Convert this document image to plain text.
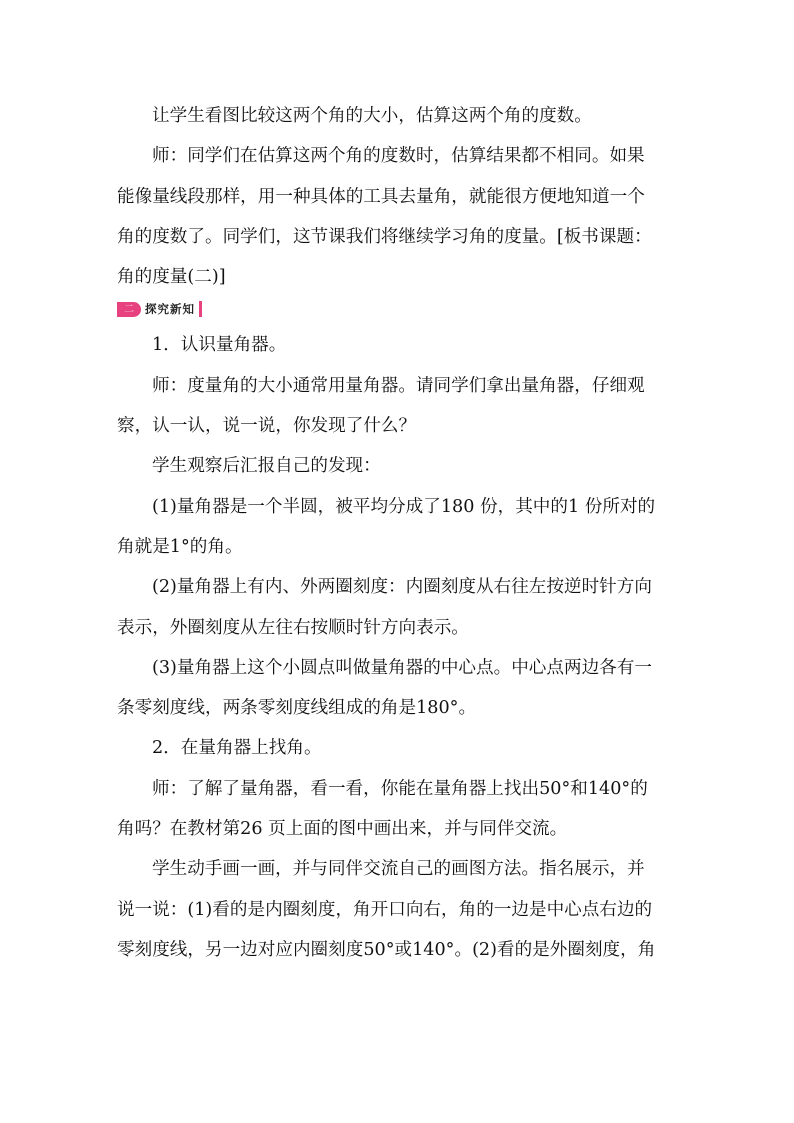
让学生看图比较这两个角的大小，估算这两个角的度数。

师：同学们在估算这两个角的度数时，估算结果都不相同。如果
能像量线段那样，用一种具体的工具去量角，就能很方便地知道一个
角的度数了。同学们，这节课我们将继续学习角的度量。[板书课题：
角的度量(二)]

二 探究新知

1．认识量角器。

师：度量角的大小通常用量角器。请同学们拿出量角器，仔细观
察，认一认，说一说，你发现了什么？

学生观察后汇报自己的发现：

(1)量角器是一个半圆，被平均分成了180 份，其中的1 份所对的
角就是1°的角。

(2)量角器上有内、外两圈刻度：内圈刻度从右往左按逆时针方向
表示，外圈刻度从左往右按顺时针方向表示。

(3)量角器上这个小圆点叫做量角器的中心点。中心点两边各有一
条零刻度线，两条零刻度线组成的角是180°。

2．在量角器上找角。

师：了解了量角器，看一看，你能在量角器上找出50°和140°的
角吗？在教材第26 页上面的图中画出来，并与同伴交流。

学生动手画一画，并与同伴交流自己的画图方法。指名展示，并
说一说：(1)看的是内圈刻度，角开口向右，角的一边是中心点右边的
零刻度线，另一边对应内圈刻度50°或140°。(2)看的是外圈刻度，角
